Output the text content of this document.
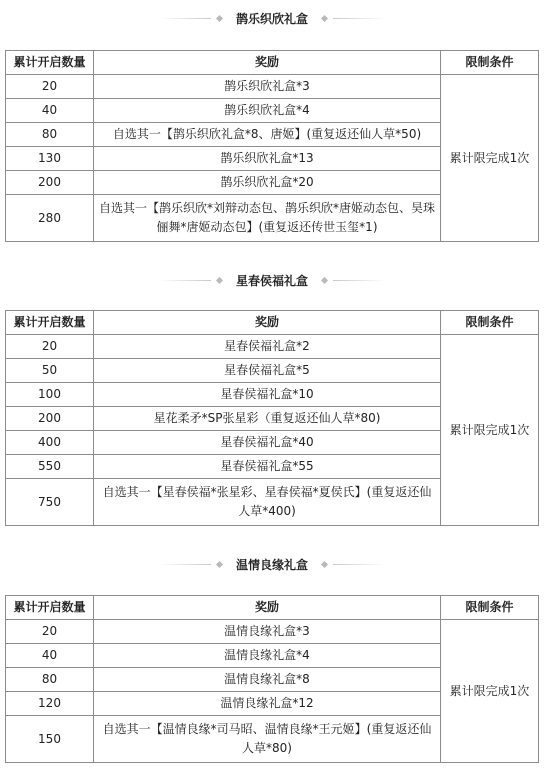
鹊乐织欣礼盒
累计开启数量	奖励	限制条件
20	鹊乐织欣礼盒*3	累计限完成1次
40	鹊乐织欣礼盒*4	
80	自选其一【鹊乐织欣礼盒*8、唐姬】(重复返还仙人草*50)	
130	鹊乐织欣礼盒*13	
200	鹊乐织欣礼盒*20	
280	自选其一【鹊乐织欣*刘辩动态包、鹊乐织欣*唐姬动态包、昊珠俪舞*唐姬动态包】(重复返还传世玉玺*1)	
星春侯福礼盒
累计开启数量	奖励	限制条件
20	星春侯福礼盒*2	累计限完成1次
50	星春侯福礼盒*5	
100	星春侯福礼盒*10	
200	星花柔矛*SP张星彩（重复返还仙人草*80)	
400	星春侯福礼盒*40	
550	星春侯福礼盒*55	
750	自选其一【星春侯福*张星彩、星春侯福*夏侯氏】(重复返还仙人草*400)	
温情良缘礼盒
累计开启数量	奖励	限制条件
20	温情良缘礼盒*3	累计限完成1次
40	温情良缘礼盒*4	
80	温情良缘礼盒*8	
120	温情良缘礼盒*12	
150	自选其一【温情良缘*司马昭、温情良缘*王元姬】(重复返还仙人草*80)	
